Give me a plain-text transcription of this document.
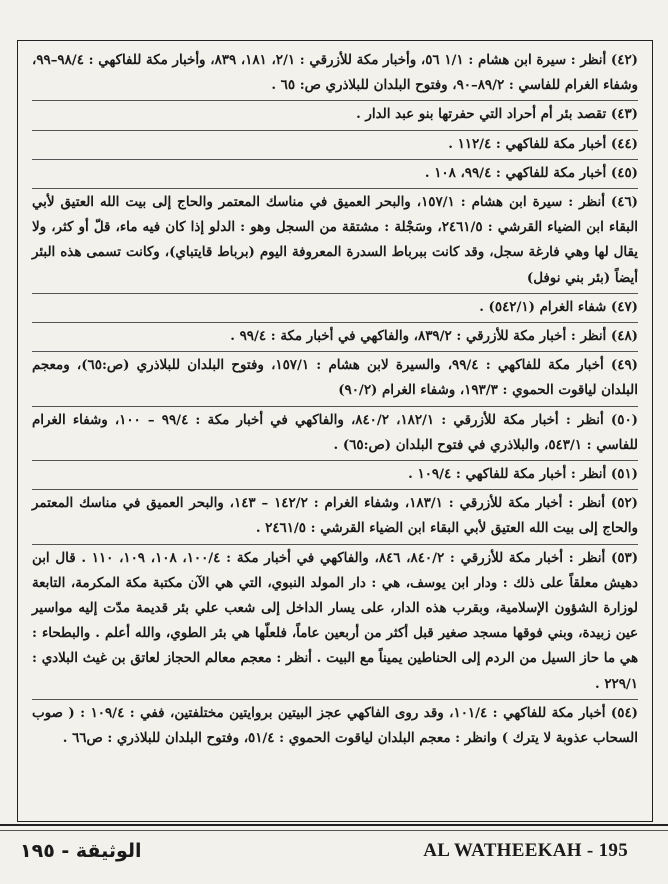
(٤٢) أنظر : سيرة ابن هشام : ١/١ ٥٦، وأخبار مكة للأزرقي : ٢/١، ١٨١، ٨٣٩، وأخبار مكة للفاكهي : ٩٨/٤–٩٩، وشفاء الغرام للفاسي : ٨٩/٢–٩٠، وفتوح البلدان للبلاذري ص: ٦٥ .

(٤٣) تقصد بئر أم أحراد التي حفرتها بنو عبد الدار .

(٤٤) أخبار مكة للفاكهي : ١١٢/٤ .

(٤٥) أخبار مكة للفاكهي : ٩٩/٤، ١٠٨ .

(٤٦) أنظر : سيرة ابن هشام : ١٥٧/١، والبحر العميق في مناسك المعتمر والحاج إلى بيت الله العتيق لأبي البقاء ابن الضياء القرشي : ٢٤٦١/٥، وسَجْلة : مشتقة من السجل وهو : الدلو إذا كان فيه ماء، قلّ أو كثر، ولا يقال لها وهي فارغة سجل، وقد كانت ببرباط السدرة المعروفة اليوم (برباط قايتباي)، وكانت تسمى هذه البئر أيضاً (بئر بني نوفل)

(٤٧) شفاء الغرام (٥٤٢/١) .

(٤٨) أنظر : أخبار مكة للأزرقي : ٨٣٩/٢، والفاكهي في أخبار مكة : ٩٩/٤ .

(٤٩) أخبار مكة للفاكهي : ٩٩/٤، والسيرة لابن هشام : ١٥٧/١، وفتوح البلدان للبلاذري (ص:٦٥)، ومعجم البلدان لياقوت الحموي : ١٩٣/٣، وشفاء الغرام (٩٠/٢)

(٥٠) أنظر : أخبار مكة للأزرقي : ١٨٢/١، ٨٤٠/٢، والفاكهي في أخبار مكة : ٩٩/٤ – ١٠٠، وشفاء الغرام للفاسي : ٥٤٣/١، والبلاذري في فتوح البلدان (ص:٦٥) .

(٥١) أنظر : أخبار مكة للفاكهي : ١٠٩/٤ .

(٥٢) أنظر : أخبار مكة للأزرقي : ١٨٣/١، وشفاء الغرام : ١٤٢/٢ – ١٤٣، والبحر العميق في مناسك المعتمر والحاج إلى بيت الله العتيق لأبي البقاء ابن الضياء القرشي : ٢٤٦١/٥ .

(٥٣) أنظر : أخبار مكة للأزرقي : ٨٤٠/٢، ٨٤٦، والفاكهي في أخبار مكة : ١٠٠/٤، ١٠٨، ١٠٩، ١١٠ . قال ابن دهيش معلقاً على ذلك : ودار ابن يوسف، هي : دار المولد النبوي، التي هي الآن مكتبة مكة المكرمة، التابعة لوزارة الشؤون الإسلامية، وبقرب هذه الدار، على يسار الداخل إلى شعب علي بئر قديمة مدّت إليه مواسير عين زبيدة، وبني فوقها مسجد صغير قبل أكثر من أربعين عاماً، فلعلّها هي بئر الطوي، والله أعلم . والبطحاء : هي ما حاز السيل من الردم إلى الحناطين يميناً مع البيت . أنظر : معجم معالم الحجاز لعاتق بن غيث البلادي : ٢٢٩/١ .

(٥٤) أخبار مكة للفاكهي : ١٠١/٤، وقد روى الفاكهي عجز البيتين بروايتين مختلفتين، ففي : ١٠٩/٤ : ( صوب السحاب عذوبة لا يترك ) وانظر : معجم البلدان لياقوت الحموي : ٥١/٤، وفتوح البلدان للبلاذري : ص٦٦ .

الوثيقة - ١٩٥	AL WATHEEKAH - 195
